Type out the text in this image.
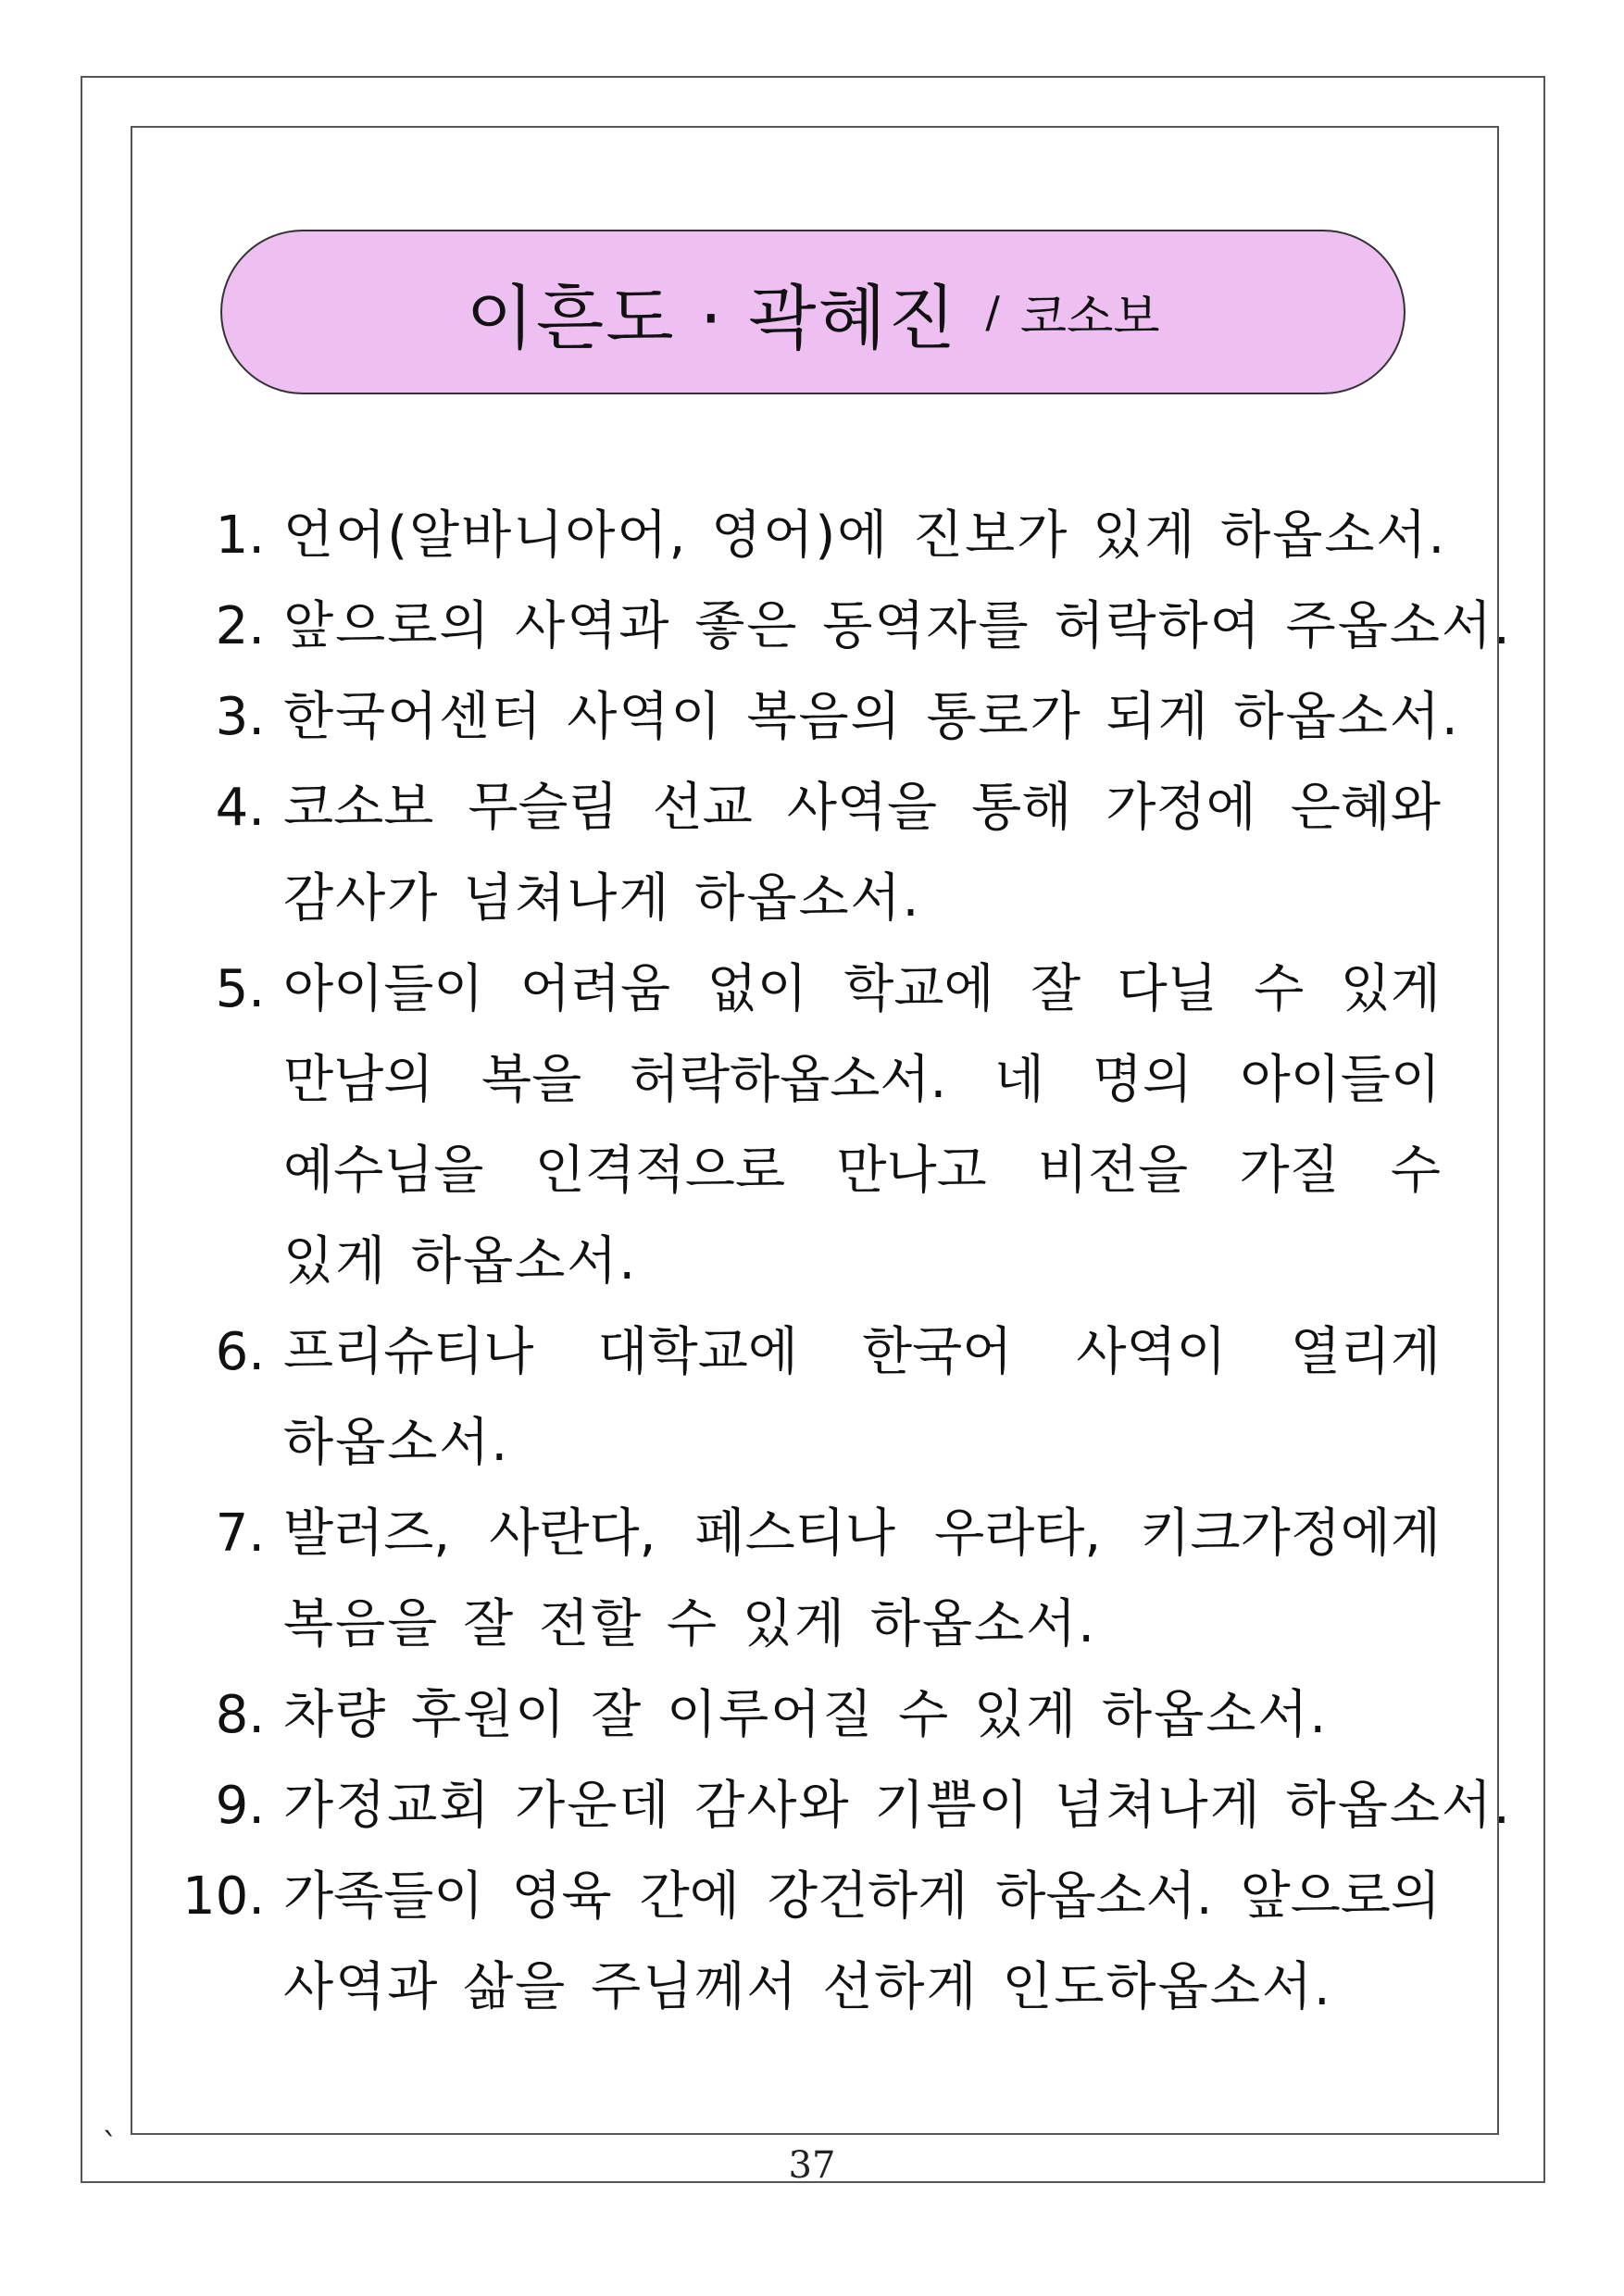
이흔도 · 곽혜진 / 코소보
1. 언어(알바니아어, 영어)에 진보가 있게 하옵소서.
2. 앞으로의 사역과 좋은 동역자를 허락하여 주옵소서.
3. 한국어센터 사역이 복음의 통로가 되게 하옵소서.
4. 코소보 무슬림 선교 사역을 통해 가정에 은혜와
감사가 넘쳐나게 하옵소서.
5. 아이들이 어려움 없이 학교에 잘 다닐 수 있게
만남의 복을 허락하옵소서. 네 명의 아이들이
예수님을 인격적으로 만나고 비전을 가질 수
있게 하옵소서.
6. 프리슈티나 대학교에 한국어 사역이 열리게
하옵소서.
7. 발러즈, 사란다, 페스티나 우라타, 키크가정에게
복음을 잘 전할 수 있게 하옵소서.
8. 차량 후원이 잘 이루어질 수 있게 하옵소서.
9. 가정교회 가운데 감사와 기쁨이 넘쳐나게 하옵소서.
10. 가족들이 영육 간에 강건하게 하옵소서. 앞으로의
사역과 삶을 주님께서 선하게 인도하옵소서.
`	37
